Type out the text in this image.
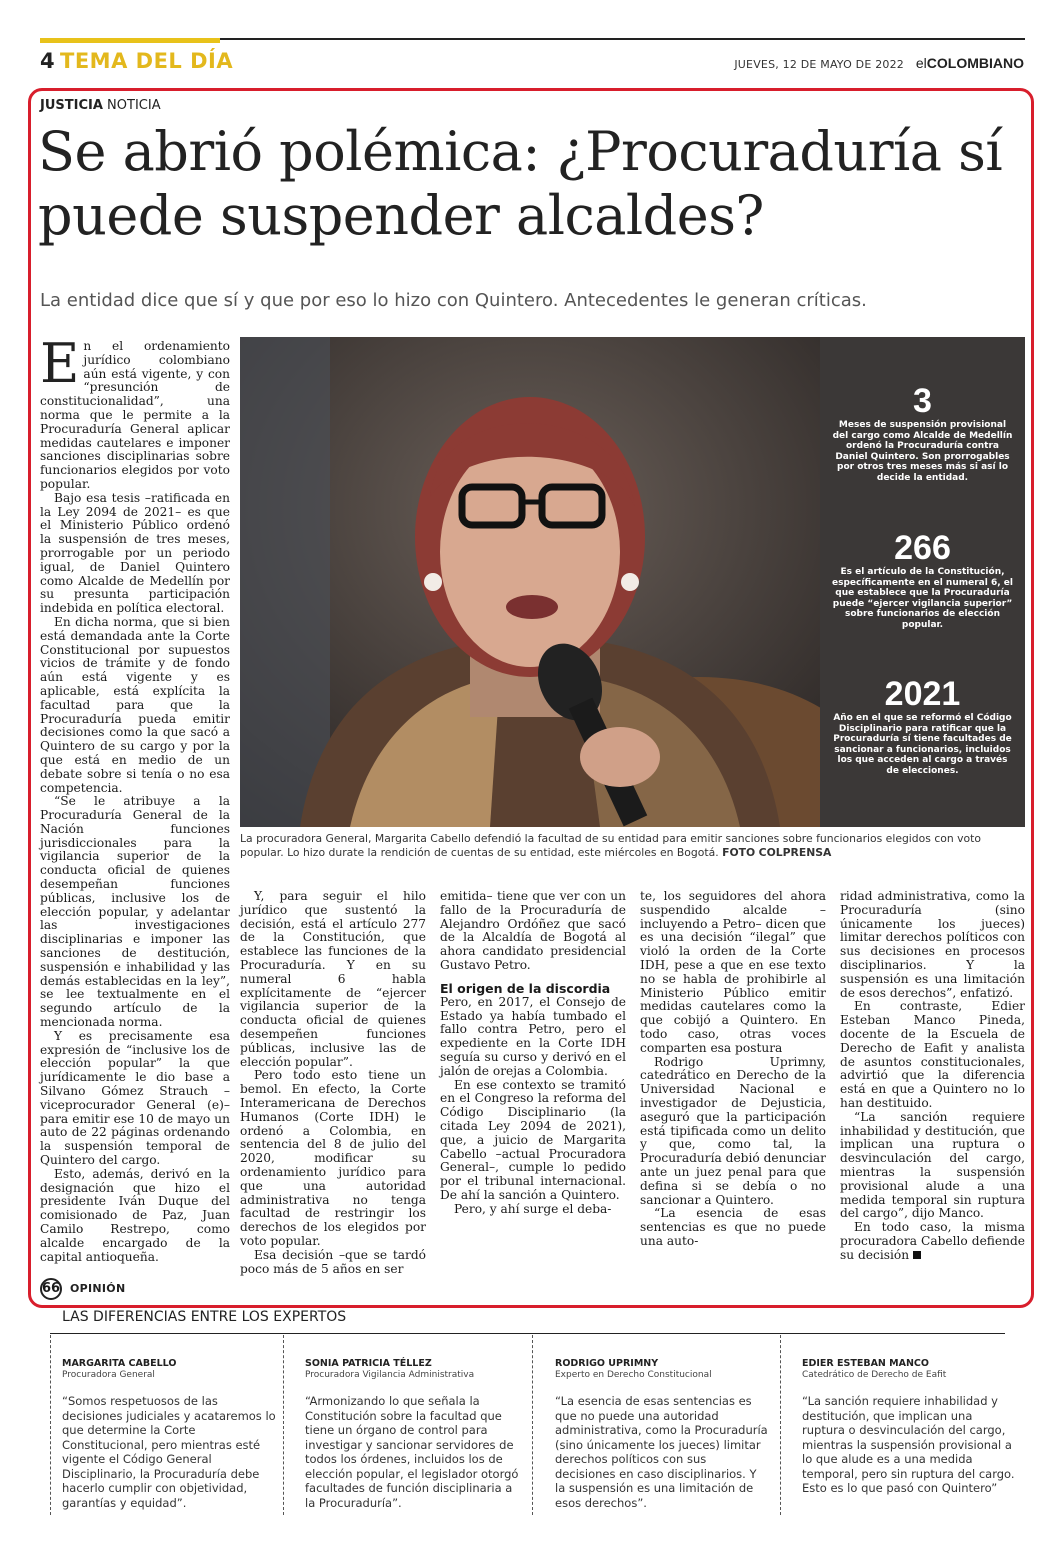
4 TEMA DEL DÍA	JUEVES, 12 DE MAYO DE 2022 elCOLOMBIANO
JUSTICIA NOTICIA
Se abrió polémica: ¿Procuraduría sí puede suspender alcaldes?
La entidad dice que sí y que por eso lo hizo con Quintero. Antecedentes le generan críticas.
E n el ordenamiento jurídico colombiano aún está vigente, y con “presunción de constitucionalidad”, una norma que le permite a la Procuraduría General aplicar medidas cautelares e imponer sanciones disciplinarias sobre funcionarios elegidos por voto popular.

Bajo esa tesis –ratificada en la Ley 2094 de 2021– es que el Ministerio Público ordenó la suspensión de tres meses, prorrogable por un periodo igual, de Daniel Quintero como Alcalde de Medellín por su presunta participación indebida en política electoral.

En dicha norma, que si bien está demandada ante la Corte Constitucional por supuestos vicios de trámite y de fondo aún está vigente y es aplicable, está explícita la facultad para que la Procuraduría pueda emitir decisiones como la que sacó a Quintero de su cargo y por la que está en medio de un debate sobre si tenía o no esa competencia.

“Se le atribuye a la Procuraduría General de la Nación funciones jurisdiccionales para la vigilancia superior de la conducta oficial de quienes desempeñan funciones públicas, inclusive los de elección popular, y adelantar las investigaciones disciplinarias e imponer las sanciones de destitución, suspensión e inhabilidad y las demás establecidas en la ley”, se lee textualmente en el segundo artículo de la mencionada norma.

Y es precisamente esa expresión de “inclusive los de elección popular” la que jurídicamente le dio base a Silvano Gómez Strauch –viceprocurador General (e)– para emitir ese 10 de mayo un auto de 22 páginas ordenando la suspensión temporal de Quintero del cargo.

Esto, además, derivó en la designación que hizo el presidente Iván Duque del comisionado de Paz, Juan Camilo Restrepo, como alcalde encargado de la capital antioqueña.

3
Meses de suspensión provisional del cargo como Alcalde de Medellín ordenó la Procuraduría contra Daniel Quintero. Son prorrogables por otros tres meses más si así lo decide la entidad.
266
Es el artículo de la Constitución, específicamente en el numeral 6, el que establece que la Procuraduría puede “ejercer vigilancia superior” sobre funcionarios de elección popular.
2021
Año en el que se reformó el Código Disciplinario para ratificar que la Procuraduría sí tiene facultades de sancionar a funcionarios, incluidos los que acceden al cargo a través de elecciones.
La procuradora General, Margarita Cabello defendió la facultad de su entidad para emitir sanciones sobre funcionarios elegidos con voto popular. Lo hizo durate la rendición de cuentas de su entidad, este miércoles en Bogotá. FOTO COLPRENSA

Y, para seguir el hilo jurídico que sustentó la decisión, está el artículo 277 de la Constitución, que establece las funciones de la Procuraduría. Y en su numeral 6 habla explícitamente de “ejercer vigilancia superior de la conducta oficial de quienes desempeñen funciones públicas, inclusive las de elección popular”.

Pero todo esto tiene un bemol. En efecto, la Corte Interamericana de Derechos Humanos (Corte IDH) le ordenó a Colombia, en sentencia del 8 de julio del 2020, modificar su ordenamiento jurídico para que una autoridad administrativa no tenga facultad de restringir los derechos de los elegidos por voto popular.

Esa decisión –que se tardó poco más de 5 años en ser

emitida– tiene que ver con un fallo de la Procuraduría de Alejandro Ordóñez que sacó de la Alcaldía de Bogotá al ahora candidato presidencial Gustavo Petro.

El origen de la discordia

Pero, en 2017, el Consejo de Estado ya había tumbado el fallo contra Petro, pero el expediente en la Corte IDH seguía su curso y derivó en el jalón de orejas a Colombia.

En ese contexto se tramitó en el Congreso la reforma del Código Disciplinario (la citada Ley 2094 de 2021), que, a juicio de Margarita Cabello –actual Procuradora General–, cumple lo pedido por el tribunal internacional. De ahí la sanción a Quintero.

Pero, y ahí surge el deba-

te, los seguidores del ahora suspendido alcalde –incluyendo a Petro– dicen que es una decisión “ilegal” que violó la orden de la Corte IDH, pese a que en ese texto no se habla de prohibirle al Ministerio Público emitir medidas cautelares como la que cobijó a Quintero. En todo caso, otras voces comparten esa postura

Rodrigo Uprimny, catedrático en Derecho de la Universidad Nacional e investigador de Dejusticia, aseguró que la participación está tipificada como un delito y que, como tal, la Procuraduría debió denunciar ante un juez penal para que defina si se debía o no sancionar a Quintero.

“La esencia de esas sentencias es que no puede una auto-

ridad administrativa, como la Procuraduría (sino únicamente los jueces) limitar derechos políticos con sus decisiones en procesos disciplinarios. Y la suspensión es una limitación de esos derechos”, enfatizó.

En contraste, Edier Esteban Manco Pineda, docente de la Escuela de Derecho de Eafit y analista de asuntos constitucionales, advirtió que la diferencia está en que a Quintero no lo han destituido.

“La sanción requiere inhabilidad y destitución, que implican una ruptura o desvinculación del cargo, mientras la suspensión provisional alude a una medida temporal sin ruptura del cargo”, dijo Manco.

En todo caso, la misma procuradora Cabello defiende su decisión

66 OPINIÓN
LAS DIFERENCIAS ENTRE LOS EXPERTOS
MARGARITA CABELLO
Procuradora General
“Somos respetuosos de las decisiones judiciales y acataremos lo que determine la Corte Constitucional, pero mientras esté vigente el Código General Disciplinario, la Procuraduría debe hacerlo cumplir con objetividad, garantías y equidad”.
SONIA PATRICIA TÉLLEZ
Procuradora Vigilancia Administrativa
“Armonizando lo que señala la Constitución sobre la facultad que tiene un órgano de control para investigar y sancionar servidores de todos los órdenes, incluidos los de elección popular, el legislador otorgó facultades de función disciplinaria a la Procuraduría”.
RODRIGO UPRIMNY
Experto en Derecho Constitucional
“La esencia de esas sentencias es que no puede una autoridad administrativa, como la Procuraduría (sino únicamente los jueces) limitar derechos políticos con sus decisiones en caso disciplinarios. Y la suspensión es una limitación de esos derechos”.
EDIER ESTEBAN MANCO
Catedrático de Derecho de Eafit
“La sanción requiere inhabilidad y destitución, que implican una ruptura o desvinculación del cargo, mientras la suspensión provisional a lo que alude es a una medida temporal, pero sin ruptura del cargo. Esto es lo que pasó con Quintero”
